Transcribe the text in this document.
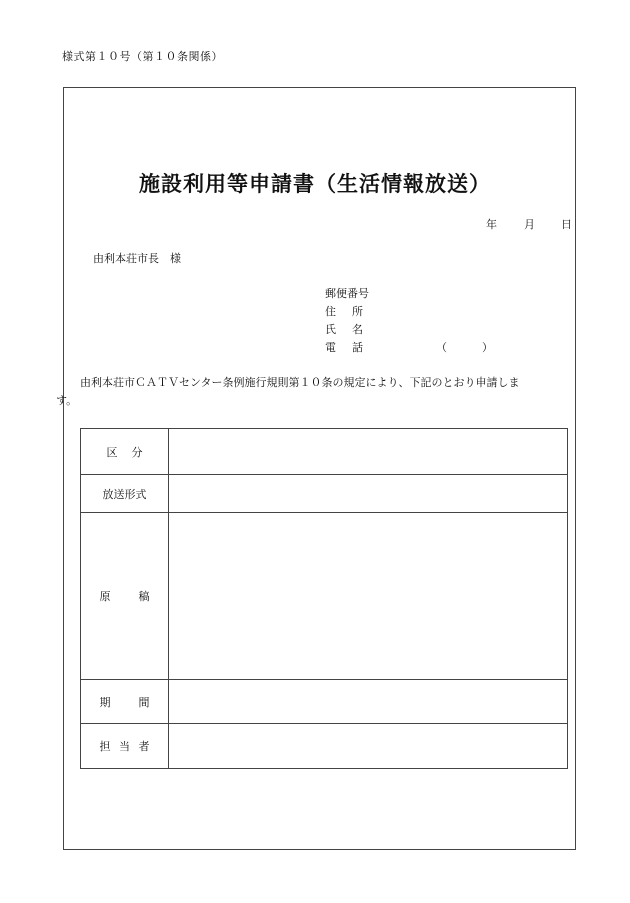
様式第１０号（第１０条関係）
施設利用等申請書（生活情報放送）
年 月 日
由利本荘市長　様
郵便番号
住 所
氏 名
電 話	（	）
由利本荘市ＣＡＴＶセンター条例施行規則第１０条の規定により、下記のとおり申請しま
す。
区 分	

放送形式	

原 稿	

期 間	

担 当 者	
